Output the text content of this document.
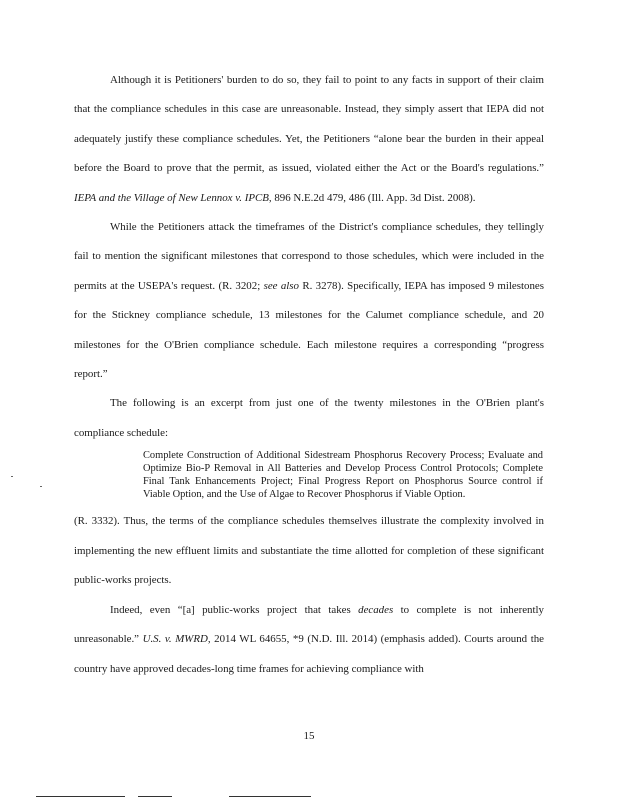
Although it is Petitioners' burden to do so, they fail to point to any facts in support of their claim that the compliance schedules in this case are unreasonable. Instead, they simply assert that IEPA did not adequately justify these compliance schedules. Yet, the Petitioners “alone bear the burden in their appeal before the Board to prove that the permit, as issued, violated either the Act or the Board's regulations.” IEPA and the Village of New Lennox v. IPCB, 896 N.E.2d 479, 486 (Ill. App. 3d Dist. 2008).

While the Petitioners attack the timeframes of the District's compliance schedules, they tellingly fail to mention the significant milestones that correspond to those schedules, which were included in the permits at the USEPA's request. (R. 3202; see also R. 3278). Specifically, IEPA has imposed 9 milestones for the Stickney compliance schedule, 13 milestones for the Calumet compliance schedule, and 20 milestones for the O'Brien compliance schedule. Each milestone requires a corresponding “progress report.”

The following is an excerpt from just one of the twenty milestones in the O'Brien plant's compliance schedule:

Complete Construction of Additional Sidestream Phosphorus Recovery Process; Evaluate and Optimize Bio-P Removal in All Batteries and Develop Process Control Protocols; Complete Final Tank Enhancements Project; Final Progress Report on Phosphorus Source control if Viable Option, and the Use of Algae to Recover Phosphorus if Viable Option.

(R. 3332). Thus, the terms of the compliance schedules themselves illustrate the complexity involved in implementing the new effluent limits and substantiate the time allotted for completion of these significant public-works projects.

Indeed, even “[a] public-works project that takes decades to complete is not inherently unreasonable.” U.S. v. MWRD, 2014 WL 64655, *9 (N.D. Ill. 2014) (emphasis added). Courts around the country have approved decades-long time frames for achieving compliance with

15
